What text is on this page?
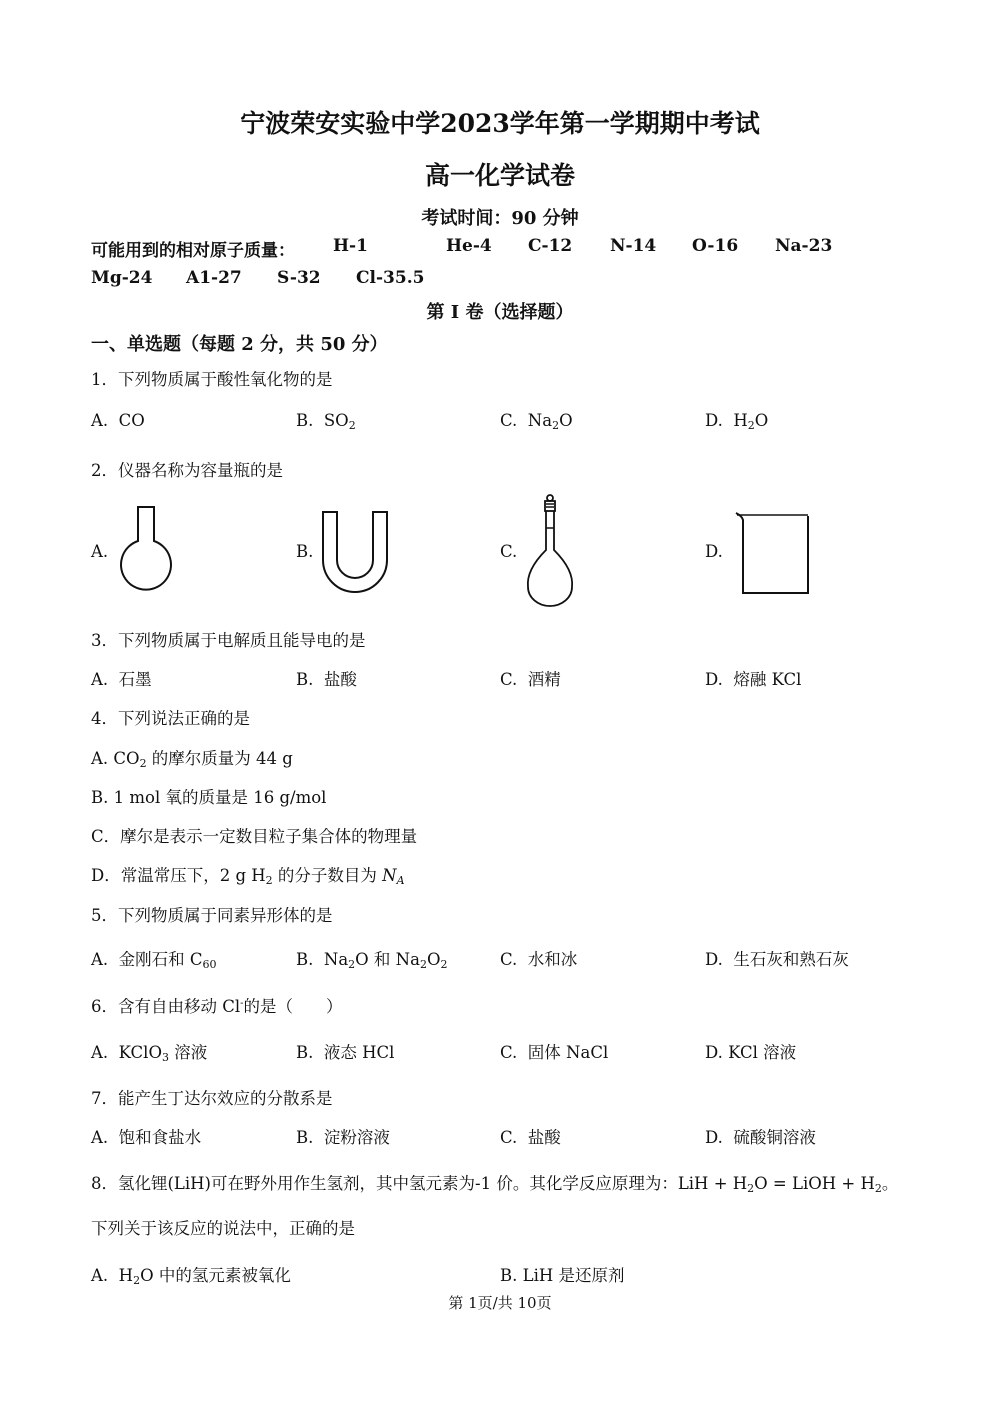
宁波荣安实验中学2023学年第一学期期中考试
高一化学试卷
考试时间：90 分钟
可能用到的相对原子质量： H-1	He-4 C-12 N-14 O-16 Na-23
Mg-24 A1-27 S-32 Cl-35.5
第 I 卷（选择题）
一、单选题（每题 2 分，共 50 分）
1．下列物质属于酸性氧化物的是
A. CO	B. $SO_2$	C. $Na_2O$	D. $H_2O$
2．仪器名称为容量瓶的是
A.	B.	C.	D.
3．下列物质属于电解质且能导电的是
A. 石墨	B. 盐酸	C. 酒精	D. 熔融 KCl
4．下列说法正确的是
A. $CO_2$ 的摩尔质量为 44 g
B. 1 mol 氧的质量是 16 g/mol
C．摩尔是表示一定数目粒子集合体的物理量
D．常温常压下，2 g $H_2$ 的分子数目为 $N_A$
5．下列物质属于同素异形体的是
A. 金刚石和 $C_{60}$	B. $Na_2O$ 和 $Na_2O_2$	C. 水和冰	D. 生石灰和熟石灰
6．含有自由移动 Cl-的是（　　）
A. KClO$_3$ 溶液	B. 液态 HCl	C. 固体 NaCl	D. KCl 溶液
7．能产生丁达尔效应的分散系是
A. 饱和食盐水	B. 淀粉溶液	C. 盐酸	D. 硫酸铜溶液
8．氢化锂(LiH)可在野外用作生氢剂，其中氢元素为-1 价。其化学反应原理为：LiH + $H_2O$ = LiOH + $H_2$。
下列关于该反应的说法中，正确的是
A. $H_2O$ 中的氢元素被氧化	B. LiH 是还原剂
第 1页/共 10页
